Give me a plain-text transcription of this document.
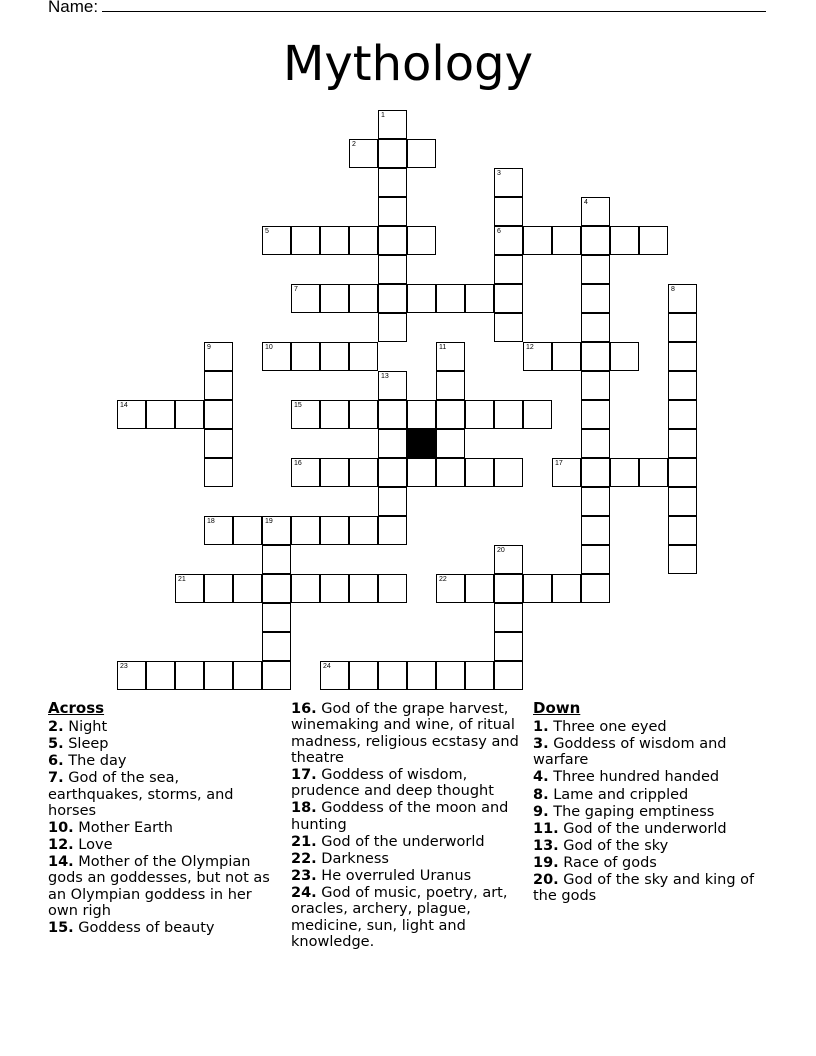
Name:
Mythology
1
2
3
6
4
5
7	8
9	10	11	12
13
14	15
16	17
18	19
20
21	22
23	24
Across
2. Night
5. Sleep
6. The day
7. God of the sea, earthquakes, storms, and horses
10. Mother Earth
12. Love
14. Mother of the Olympian gods an goddesses, but not as an Olympian goddess in her own righ
15. Goddess of beauty
16. God of the grape harvest, winemaking and wine, of ritual madness, religious ecstasy and theatre
17. Goddess of wisdom, prudence and deep thought
18. Goddess of the moon and hunting
21. God of the underworld
22. Darkness
23. He overruled Uranus
24. God of music, poetry, art, oracles, archery, plague, medicine, sun, light and knowledge.
Down
1. Three one eyed
3. Goddess of wisdom and warfare
4. Three hundred handed
8. Lame and crippled
9. The gaping emptiness
11. God of the underworld
13. God of the sky
19. Race of gods
20. God of the sky and king of the gods
